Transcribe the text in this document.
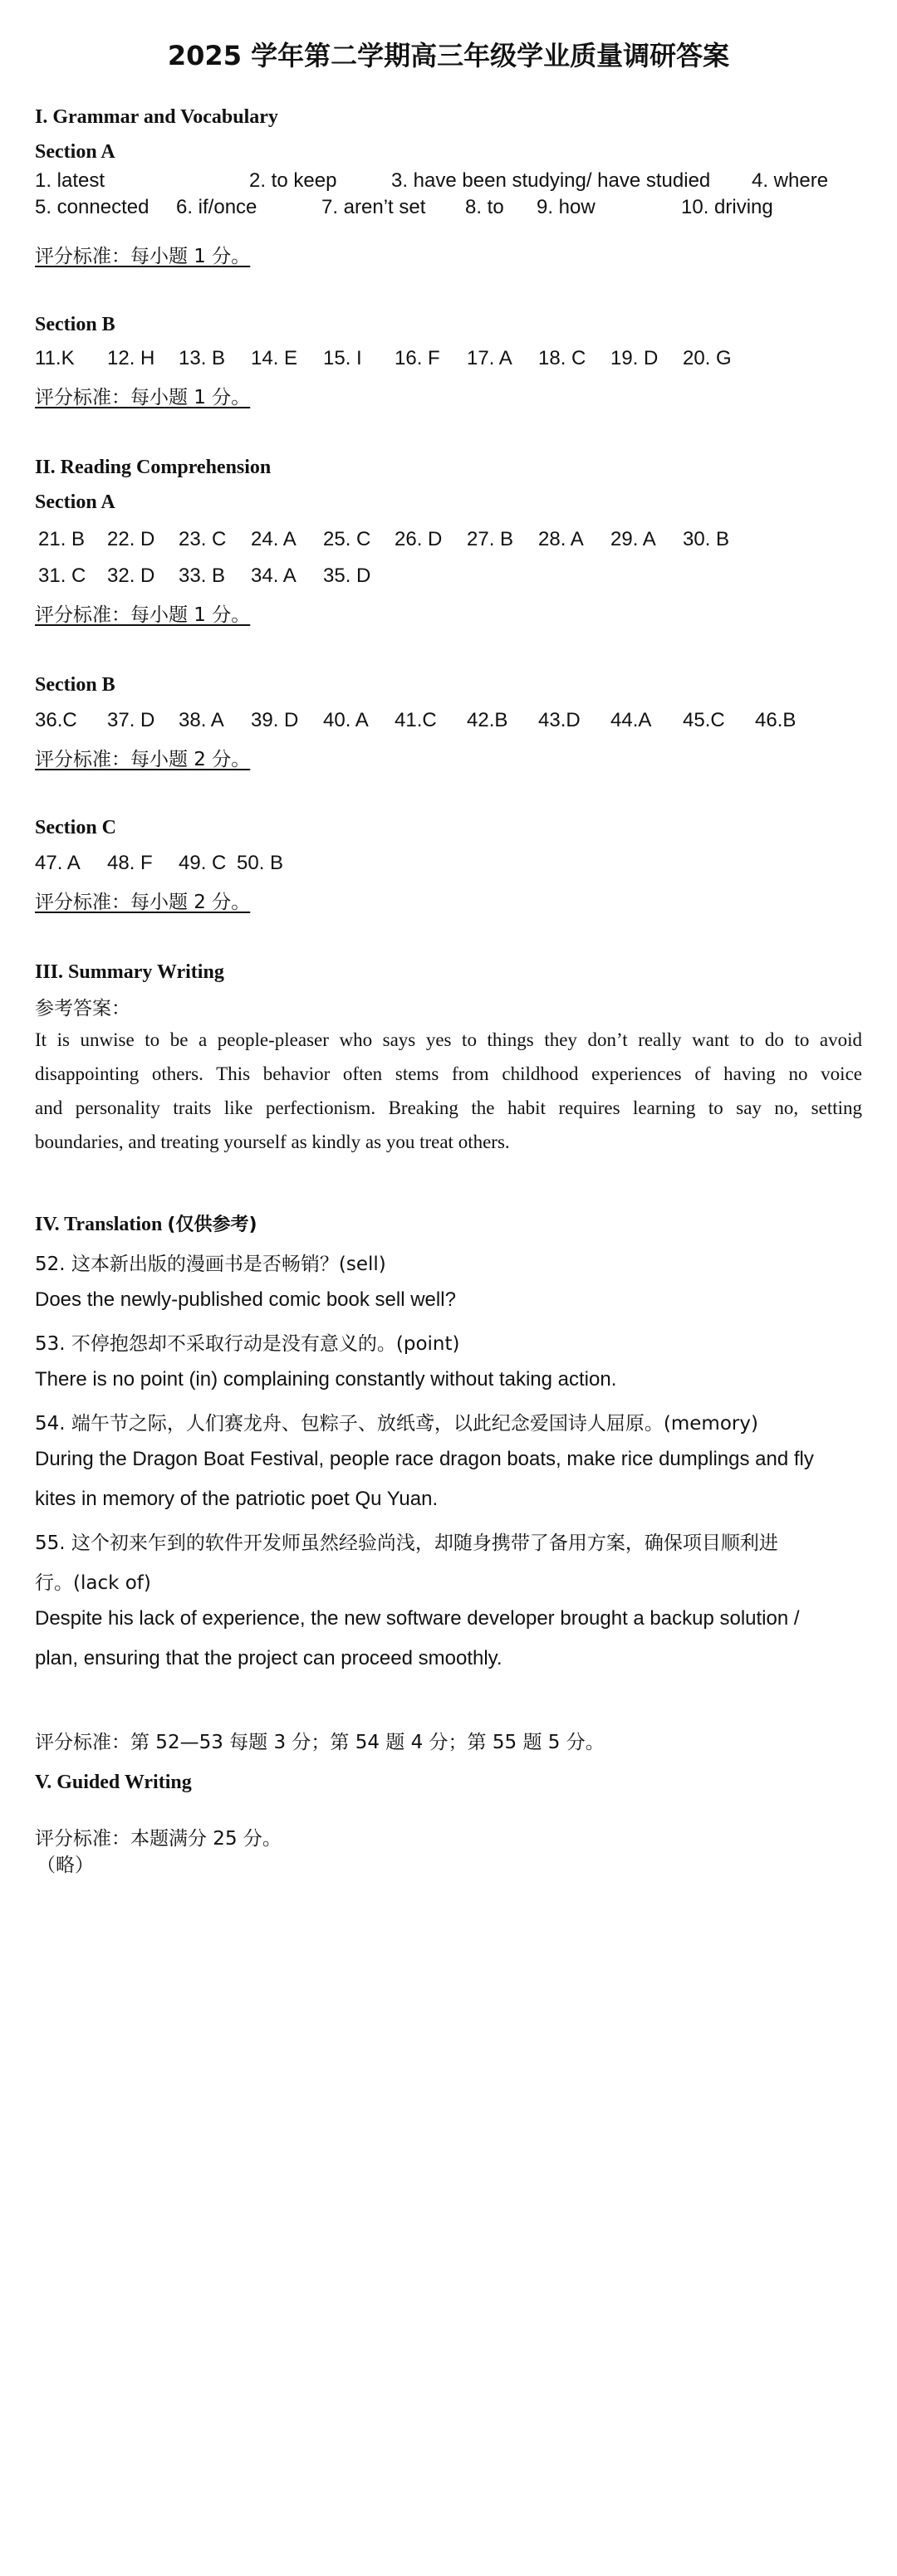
2025 学年第二学期高三年级学业质量调研答案
I. Grammar and Vocabulary
Section A
1. latest	2. to keep	3. have been studying/ have studied 4. where
5. connected 6. if/once	7. aren’t set 8. to 9. how	10. driving
评分标准：每小题 1 分。
Section B
11.K 12. H 13. B 14. E 15. I 16. F 17. A 18. C 19. D 20. G
评分标准：每小题 1 分。
II. Reading Comprehension
Section A
21. B 22. D 23. C 24. A 25. C 26. D 27. B 28. A 29. A 30. B
31. C 32. D 33. B 34. A 35. D
评分标准：每小题 1 分。
Section B
36.C 37. D 38. A 39. D 40. A 41.C 42.B 43.D 44.A 45.C 46.B
评分标准：每小题 2 分。
Section C
47. A 48. F 49. C 50. B
评分标准：每小题 2 分。
III. Summary Writing
参考答案：
It is unwise to be a people-pleaser who says yes to things they don’t really want to do to avoid
disappointing others. This behavior often stems from childhood experiences of having no voice
and personality traits like perfectionism. Breaking the habit requires learning to say no, setting
boundaries, and treating yourself as kindly as you treat others.
IV. Translation (仅供参考)
52. 这本新出版的漫画书是否畅销？(sell)
Does the newly-published comic book sell well?
53. 不停抱怨却不采取行动是没有意义的。(point)
There is no point (in) complaining constantly without taking action.
54. 端午节之际，人们赛龙舟、包粽子、放纸鸢，以此纪念爱国诗人屈原。(memory)
During the Dragon Boat Festival, people race dragon boats, make rice dumplings and fly
kites in memory of the patriotic poet Qu Yuan.
55. 这个初来乍到的软件开发师虽然经验尚浅，却随身携带了备用方案，确保项目顺利进
行。(lack of)
Despite his lack of experience, the new software developer brought a backup solution /
plan, ensuring that the project can proceed smoothly.
评分标准：第 52—53 每题 3 分；第 54 题 4 分；第 55 题 5 分。
V. Guided Writing
评分标准：本题满分 25 分。
（略）
